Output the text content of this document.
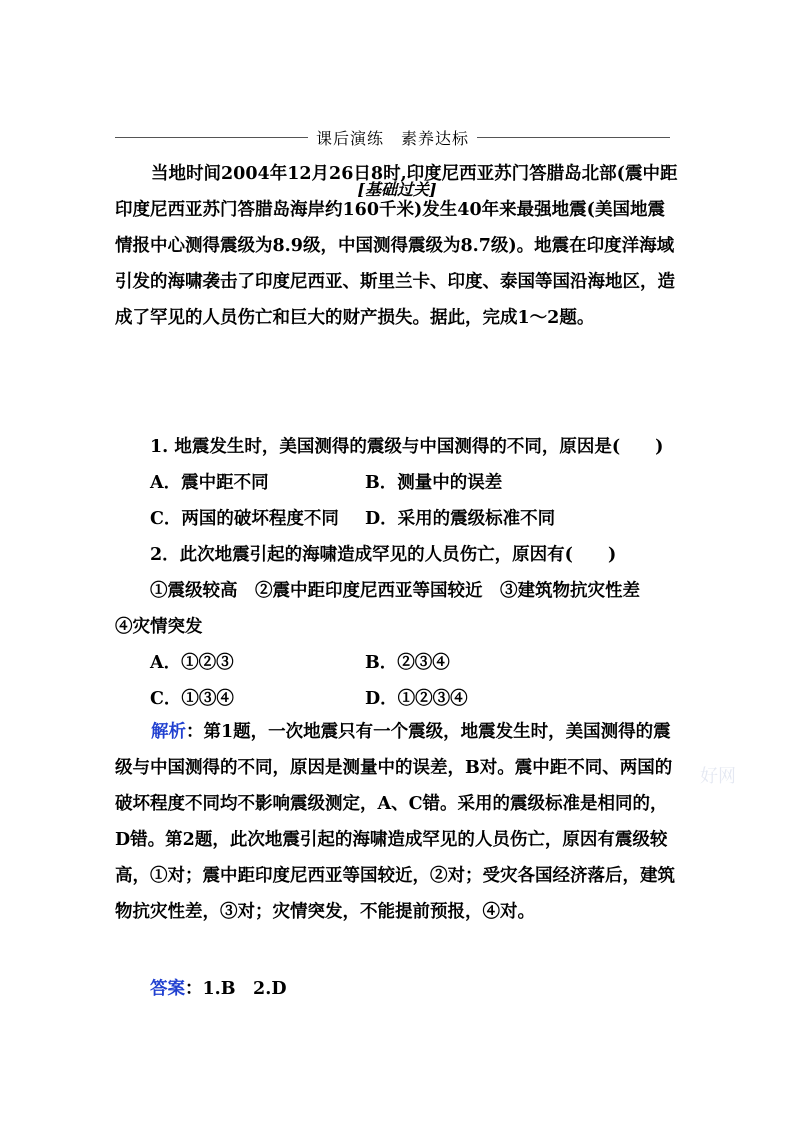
课后演练　素养达标
[基础过关]
当地时间2004年12月26日8时,印度尼西亚苏门答腊岛北部(震中距印度尼西亚苏门答腊岛海岸约160千米)发生40年来最强地震(美国地震情报中心测得震级为8.9级，中国测得震级为8.7级)。地震在印度洋海域引发的海啸袭击了印度尼西亚、斯里兰卡、印度、泰国等国沿海地区，造成了罕见的人员伤亡和巨大的财产损失。据此，完成1～2题。
1. 地震发生时，美国测得的震级与中国测得的不同，原因是(　　)
A．震中距不同	B．测量中的误差
C．两国的破坏程度不同 D．采用的震级标准不同
2．此次地震引起的海啸造成罕见的人员伤亡，原因有(　　)
①震级较高　②震中距印度尼西亚等国较近　③建筑物抗灾性差
④灾情突发
A．①②③	B．②③④
C．①③④	D．①②③④
解析：第1题，一次地震只有一个震级，地震发生时，美国测得的震级与中国测得的不同，原因是测量中的误差，B对。震中距不同、两国的破坏程度不同均不影响震级测定，A、C错。采用的震级标准是相同的，D错。第2题，此次地震引起的海啸造成罕见的人员伤亡，原因有震级较高，①对；震中距印度尼西亚等国较近，②对；受灾各国经济落后，建筑物抗灾性差，③对；灾情突发，不能提前预报，④对。
答案：1.B　2.D
好网
